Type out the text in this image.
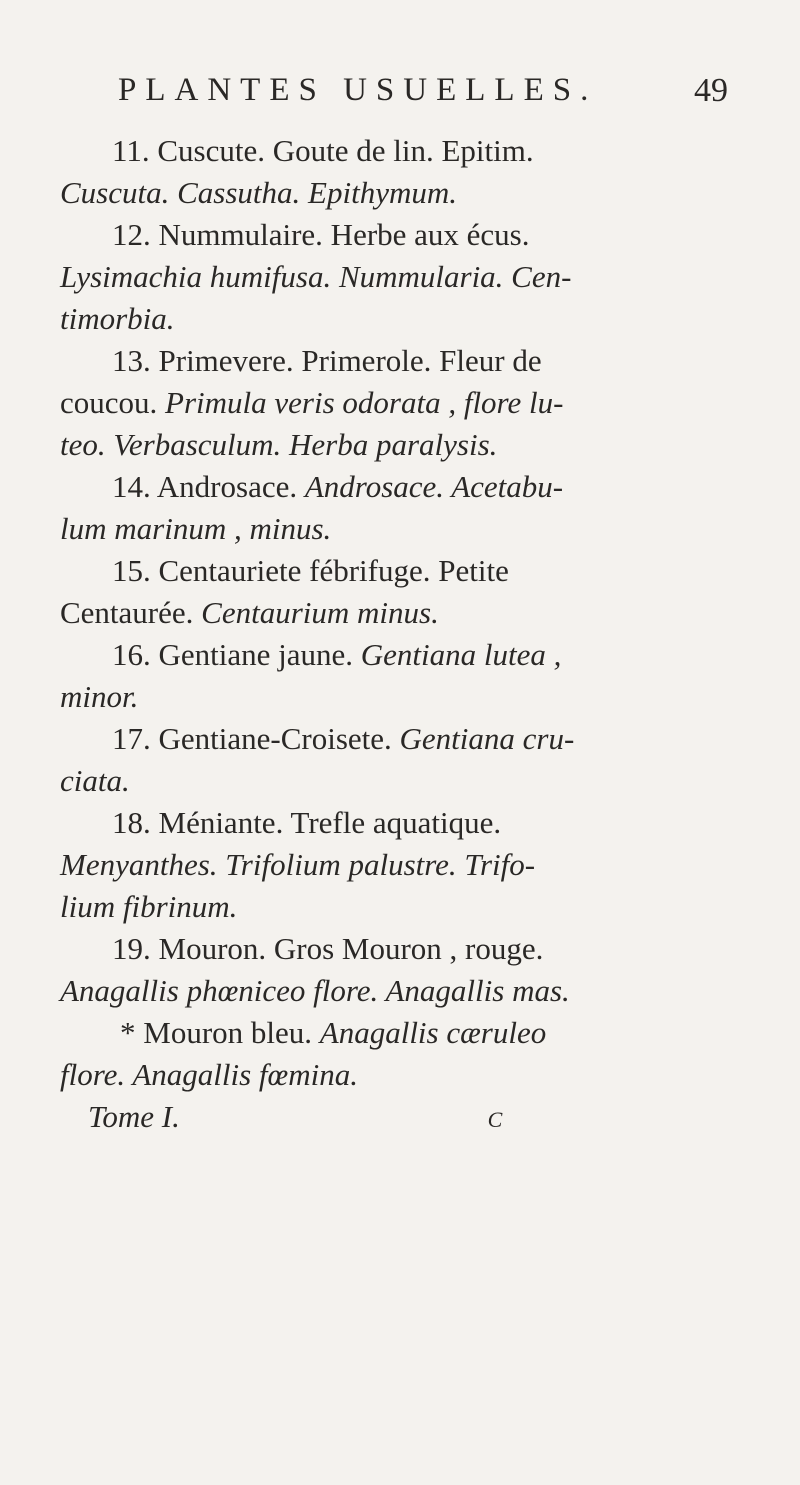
PLANTES USUELLES.	49
11. Cuscute. Goute de lin. Epitim.
Cuscuta. Cassutha. Epithymum.
12. Nummulaire. Herbe aux écus.
Lysimachia humifusa. Nummularia. Cen-
timorbia.
13. Primevere. Primerole. Fleur de
coucou. Primula veris odorata , flore lu-
teo. Verbasculum. Herba paralysis.
14. Androsace. Androsace. Acetabu-
lum marinum , minus.
15. Centauriete fébrifuge. Petite
Centaurée. Centaurium minus.
16. Gentiane jaune. Gentiana lutea ,
minor.
17. Gentiane-Croisete. Gentiana cru-
ciata.
18. Méniante. Trefle aquatique.
Menyanthes. Trifolium palustre. Trifo-
lium fibrinum.
19. Mouron. Gros Mouron , rouge.
Anagallis phœniceo flore. Anagallis mas.
* Mouron bleu. Anagallis cæruleo
flore. Anagallis fœmina.
Tome I.	C
